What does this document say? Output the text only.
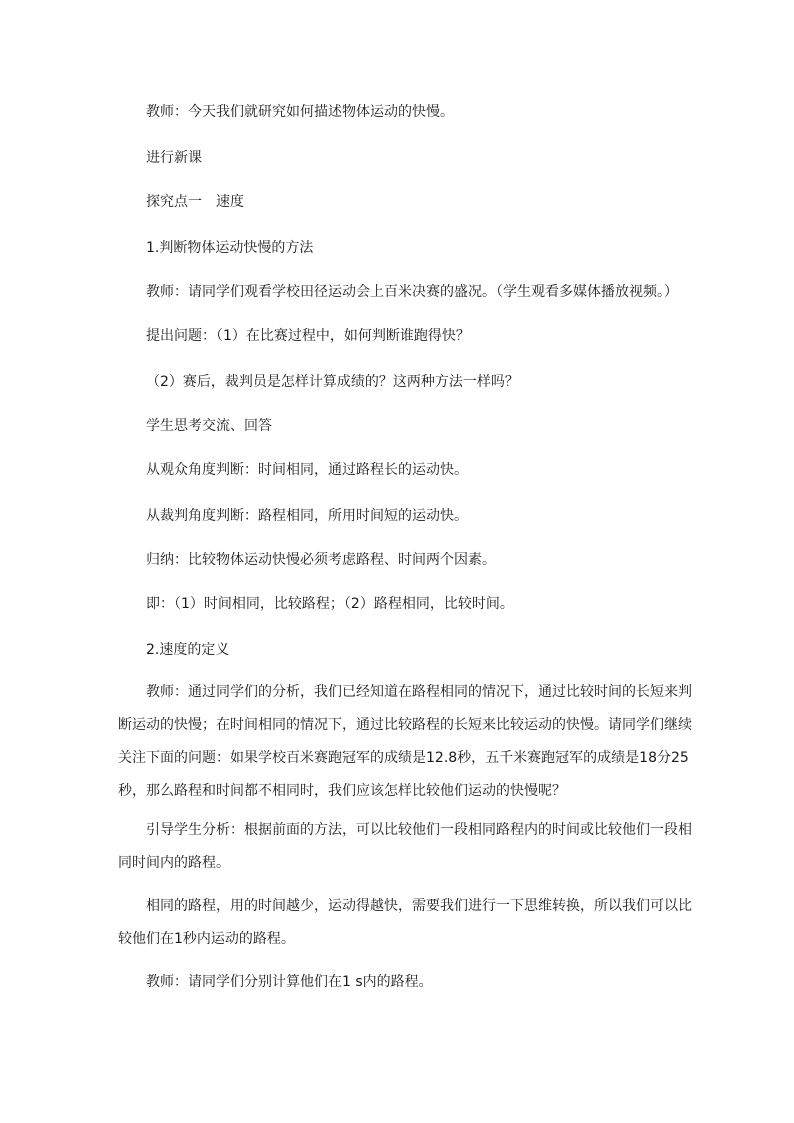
教师：今天我们就研究如何描述物体运动的快慢。

进行新课

探究点一　速度

1.判断物体运动快慢的方法

教师：请同学们观看学校田径运动会上百米决赛的盛况。（学生观看多媒体播放视频。）

提出问题：（1）在比赛过程中，如何判断谁跑得快？

（2）赛后，裁判员是怎样计算成绩的？这两种方法一样吗？

学生思考交流、回答

从观众角度判断：时间相同，通过路程长的运动快。

从裁判角度判断：路程相同，所用时间短的运动快。

归纳：比较物体运动快慢必须考虑路程、时间两个因素。

即：（1）时间相同，比较路程；（2）路程相同，比较时间。

2.速度的定义

教师：通过同学们的分析，我们已经知道在路程相同的情况下，通过比较时间的长短来判断运动的快慢；在时间相同的情况下，通过比较路程的长短来比较运动的快慢。请同学们继续关注下面的问题：如果学校百米赛跑冠军的成绩是12.8秒，五千米赛跑冠军的成绩是18分25秒，那么路程和时间都不相同时，我们应该怎样比较他们运动的快慢呢？

引导学生分析：根据前面的方法，可以比较他们一段相同路程内的时间或比较他们一段相同时间内的路程。

相同的路程，用的时间越少，运动得越快，需要我们进行一下思维转换，所以我们可以比较他们在1秒内运动的路程。

教师：请同学们分别计算他们在1 s内的路程。
